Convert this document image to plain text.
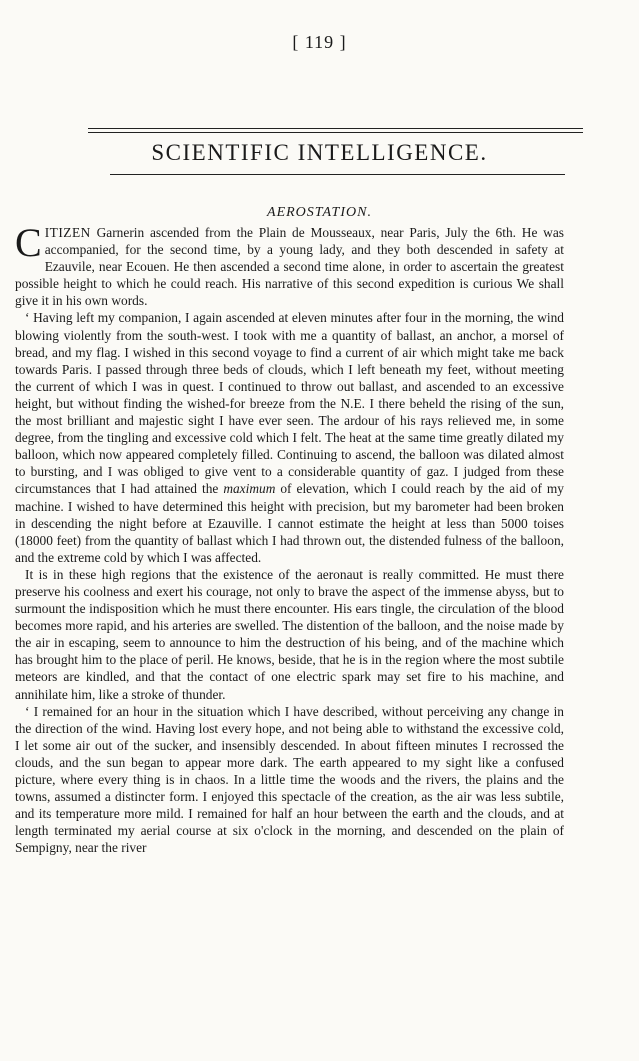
[ 119 ]
SCIENTIFIC INTELLIGENCE.
AEROSTATION.

CITIZEN Garnerin ascended from the Plain de Mousseaux, near Paris, July the 6th. He was accompanied, for the second time, by a young lady, and they both descended in safety at Ezauvile, near Ecouen. He then ascended a second time alone, in order to ascertain the greatest possible height to which he could reach. His narrative of this second expedition is curious We shall give it in his own words.

‘ Having left my companion, I again ascended at eleven minutes after four in the morning, the wind blowing violently from the south-west. I took with me a quantity of ballast, an anchor, a morsel of bread, and my flag. I wished in this second voyage to find a current of air which might take me back towards Paris. I passed through three beds of clouds, which I left beneath my feet, without meeting the current of which I was in quest. I continued to throw out ballast, and ascended to an excessive height, but without finding the wished-for breeze from the N.E. I there beheld the rising of the sun, the most brilliant and majestic sight I have ever seen. The ardour of his rays relieved me, in some degree, from the tingling and excessive cold which I felt. The heat at the same time greatly dilated my balloon, which now appeared completely filled. Continuing to ascend, the balloon was dilated almost to bursting, and I was obliged to give vent to a considerable quantity of gaz. I judged from these circumstances that I had attained the maximum of elevation, which I could reach by the aid of my machine. I wished to have determined this height with precision, but my barometer had been broken in descending the night before at Ezauville. I cannot estimate the height at less than 5000 toises (18000 feet) from the quantity of ballast which I had thrown out, the distended fulness of the balloon, and the extreme cold by which I was affected.

It is in these high regions that the existence of the aeronaut is really committed. He must there preserve his coolness and exert his courage, not only to brave the aspect of the immense abyss, but to surmount the indisposition which he must there encounter. His ears tingle, the circulation of the blood becomes more rapid, and his arteries are swelled. The distention of the balloon, and the noise made by the air in escaping, seem to announce to him the destruction of his being, and of the machine which has brought him to the place of peril. He knows, beside, that he is in the region where the most subtile meteors are kindled, and that the contact of one electric spark may set fire to his machine, and annihilate him, like a stroke of thunder.

‘ I remained for an hour in the situation which I have described, without perceiving any change in the direction of the wind. Having lost every hope, and not being able to withstand the excessive cold, I let some air out of the sucker, and insensibly descended. In about fifteen minutes I recrossed the clouds, and the sun began to appear more dark. The earth appeared to my sight like a confused picture, where every thing is in chaos. In a little time the woods and the rivers, the plains and the towns, assumed a distincter form. I enjoyed this spectacle of the creation, as the air was less subtile, and its temperature more mild. I remained for half an hour between the earth and the clouds, and at length terminated my aerial course at six o'clock in the morning, and descended on the plain of Sempigny, near the river
